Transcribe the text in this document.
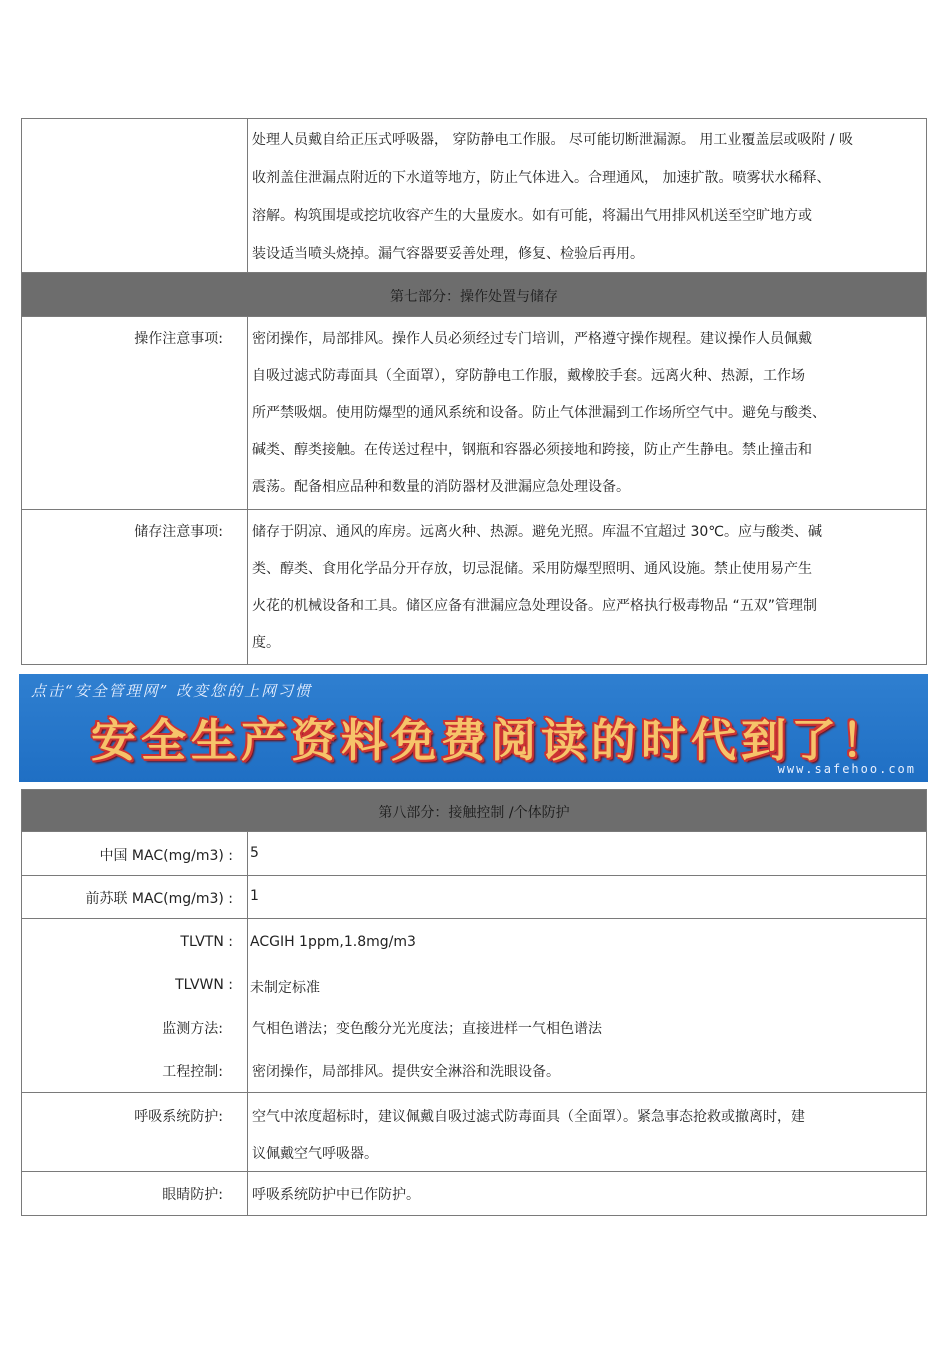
处理人员戴自给正压式呼吸器， 穿防静电工作服。 尽可能切断泄漏源。 用工业覆盖层或吸附 / 吸
收剂盖住泄漏点附近的下水道等地方，防止气体进入。合理通风， 加速扩散。喷雾状水稀释、
溶解。构筑围堤或挖坑收容产生的大量废水。如有可能，将漏出气用排风机送至空旷地方或
装设适当喷头烧掉。漏气容器要妥善处理，修复、检验后再用。
第七部分：操作处置与储存
操作注意事项: 密闭操作，局部排风。操作人员必须经过专门培训，严格遵守操作规程。建议操作人员佩戴
自吸过滤式防毒面具（全面罩），穿防静电工作服，戴橡胶手套。远离火种、热源，工作场
所严禁吸烟。使用防爆型的通风系统和设备。防止气体泄漏到工作场所空气中。避免与酸类、
碱类、醇类接触。在传送过程中，钢瓶和容器必须接地和跨接，防止产生静电。禁止撞击和
震荡。配备相应品种和数量的消防器材及泄漏应急处理设备。
储存注意事项: 储存于阴凉、通风的库房。远离火种、热源。避免光照。库温不宜超过 30℃。应与酸类、碱
类、醇类、食用化学品分开存放，切忌混储。采用防爆型照明、通风设施。禁止使用易产生
火花的机械设备和工具。储区应备有泄漏应急处理设备。应严格执行极毒物品 “五双”管理制
度。
点击“安全管理网” 改变您的上网习惯
安全生产资料免费阅读的时代到了！
www.safehoo.com
第八部分：接触控制 /个体防护
中国 MAC(mg/m3) : 5
前苏联 MAC(mg/m3) : 1
TLVTN :
TLVWN :
监测方法:
工程控制:
ACGIH 1ppm,1.8mg/m3
未制定标准
气相色谱法；变色酸分光光度法；直接进样一气相色谱法
密闭操作，局部排风。提供安全淋浴和洗眼设备。
呼吸系统防护: 空气中浓度超标时，建议佩戴自吸过滤式防毒面具（全面罩）。紧急事态抢救或撤离时，建
议佩戴空气呼吸器。
眼睛防护: 呼吸系统防护中已作防护。
